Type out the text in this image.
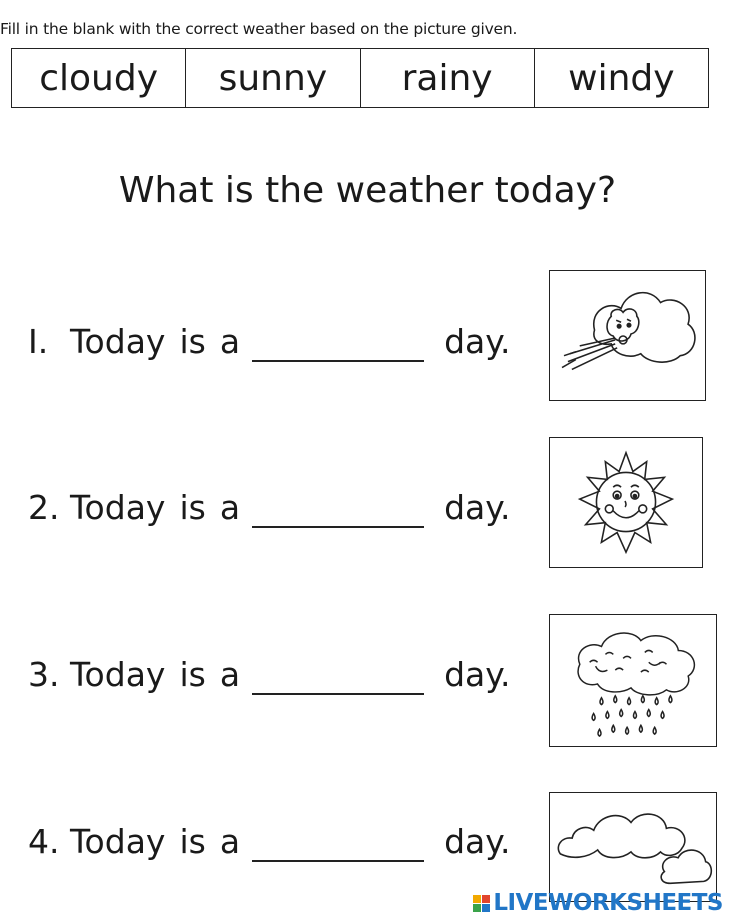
Fill in the blank with the correct weather based on the picture given.
cloudy	sunny	rainy	windy
What is the weather today?
I. Today is a	day.
2. Today is a	day.
3. Today is a	day.
4. Today is a	day.
LIVEWORKSHEETS
